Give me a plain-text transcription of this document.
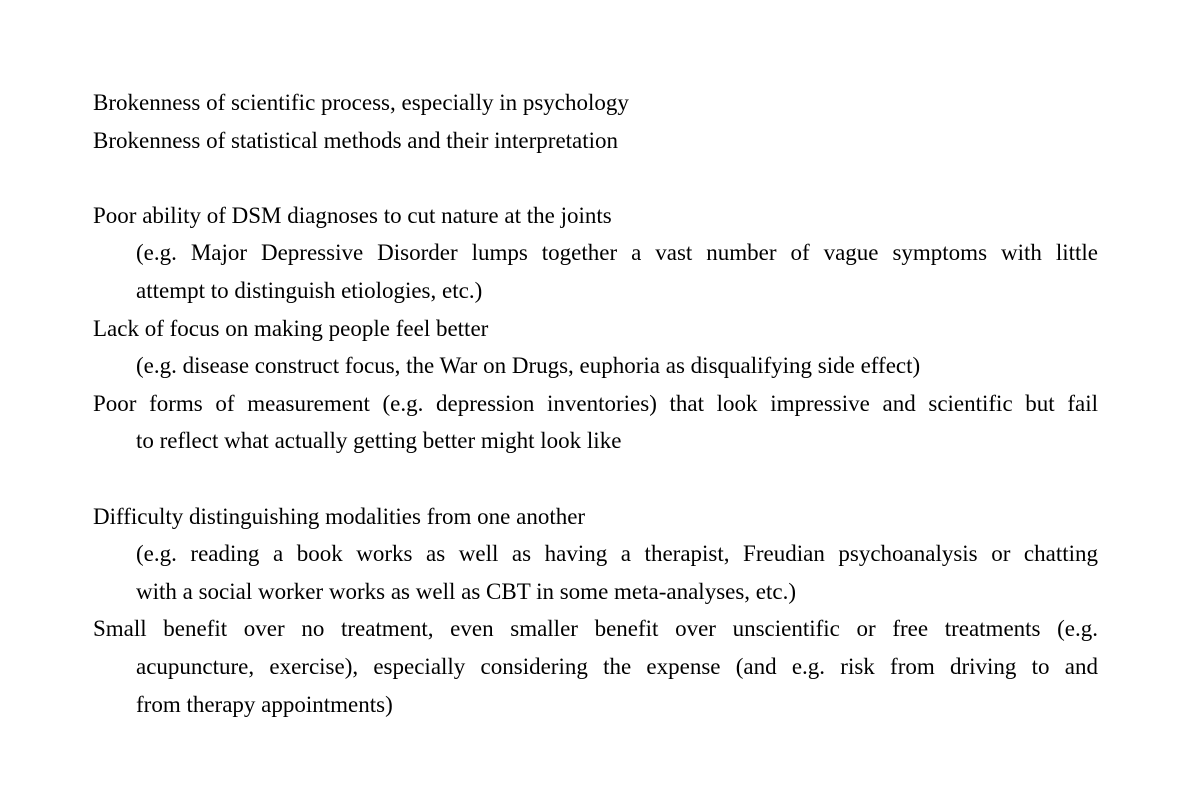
Brokenness of scientific process, especially in psychology
Brokenness of statistical methods and their interpretation
Poor ability of DSM diagnoses to cut nature at the joints
(e.g. Major Depressive Disorder lumps together a vast number of vague symptoms with little
attempt to distinguish etiologies, etc.)
Lack of focus on making people feel better
(e.g. disease construct focus, the War on Drugs, euphoria as disqualifying side effect)
Poor forms of measurement (e.g. depression inventories) that look impressive and scientific but fail
to reflect what actually getting better might look like
Difficulty distinguishing modalities from one another
(e.g. reading a book works as well as having a therapist, Freudian psychoanalysis or chatting
with a social worker works as well as CBT in some meta-analyses, etc.)
Small benefit over no treatment, even smaller benefit over unscientific or free treatments (e.g.
acupuncture, exercise), especially considering the expense (and e.g. risk from driving to and
from therapy appointments)
